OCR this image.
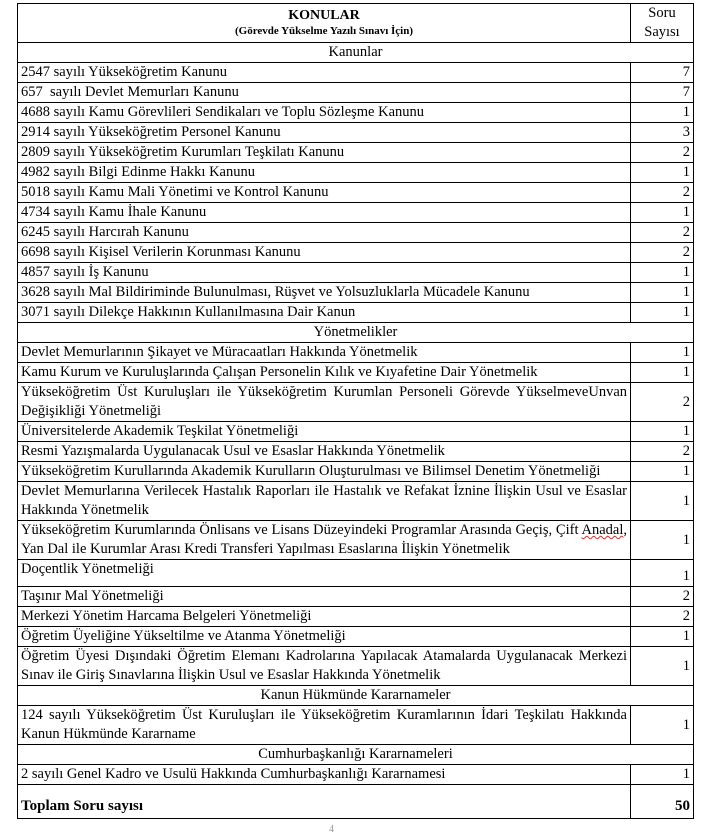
KONULAR
(Görevde Yükselme Yazılı Sınavı İçin)	Soru
Sayısı
Kanunlar	
2547 sayılı Yükseköğretim Kanunu	7
657  sayılı Devlet Memurları Kanunu	7
4688 sayılı Kamu Görevlileri Sendikaları ve Toplu Sözleşme Kanunu	1
2914 sayılı Yükseköğretim Personel Kanunu	3
2809 sayılı Yükseköğretim Kurumları Teşkilatı Kanunu	2
4982 sayılı Bilgi Edinme Hakkı Kanunu	1
5018 sayılı Kamu Mali Yönetimi ve Kontrol Kanunu	2
4734 sayılı Kamu İhale Kanunu	1
6245 sayılı Harcırah Kanunu	2
6698 sayılı Kişisel Verilerin Korunması Kanunu	2
4857 sayılı İş Kanunu	1
3628 sayılı Mal Bildiriminde Bulunulması, Rüşvet ve Yolsuzluklarla Mücadele Kanunu	1
3071 sayılı Dilekçe Hakkının Kullanılmasına Dair Kanun	1
Yönetmelikler	
Devlet Memurlarının Şikayet ve Müracaatları Hakkında Yönetmelik	1
Kamu Kurum ve Kuruluşlarında Çalışan Personelin Kılık ve Kıyafetine Dair Yönetmelik	1
Yükseköğretim Üst Kuruluşları ile Yükseköğretim Kurumlan Personeli Görevde YükselmeveUnvan Değişikliği Yönetmeliği	2
Üniversitelerde Akademik Teşkilat Yönetmeliği	1
Resmi Yazışmalarda Uygulanacak Usul ve Esaslar Hakkında Yönetmelik	2
Yükseköğretim Kurullarında Akademik Kurulların Oluşturulması ve Bilimsel Denetim Yönetmeliği	1
Devlet Memurlarına Verilecek Hastalık Raporları ile Hastalık ve Refakat İznine İlişkin Usul ve Esaslar Hakkında Yönetmelik	1
Yükseköğretim Kurumlarında Önlisans ve Lisans Düzeyindeki Programlar Arasında Geçiş, Çift Anadal, Yan Dal ile Kurumlar Arası Kredi Transferi Yapılması Esaslarına İlişkin Yönetmelik	1
Doçentlik Yönetmeliği	1
Taşınır Mal Yönetmeliği	2
Merkezi Yönetim Harcama Belgeleri Yönetmeliği	2
Öğretim Üyeliğine Yükseltilme ve Atanma Yönetmeliği	1
Öğretim Üyesi Dışındaki Öğretim Elemanı Kadrolarına Yapılacak Atamalarda Uygulanacak Merkezi Sınav ile Giriş Sınavlarına İlişkin Usul ve Esaslar Hakkında Yönetmelik	1
Kanun Hükmünde Kararnameler	
124 sayılı Yükseköğretim Üst Kuruluşları ile Yükseköğretim Kuramlarının İdari Teşkilatı Hakkında Kanun Hükmünde Kararname	1
Cumhurbaşkanlığı Kararnameleri	
2 sayılı Genel Kadro ve Usulü Hakkında Cumhurbaşkanlığı Kararnamesi	1
Toplam Soru sayısı	50
4
